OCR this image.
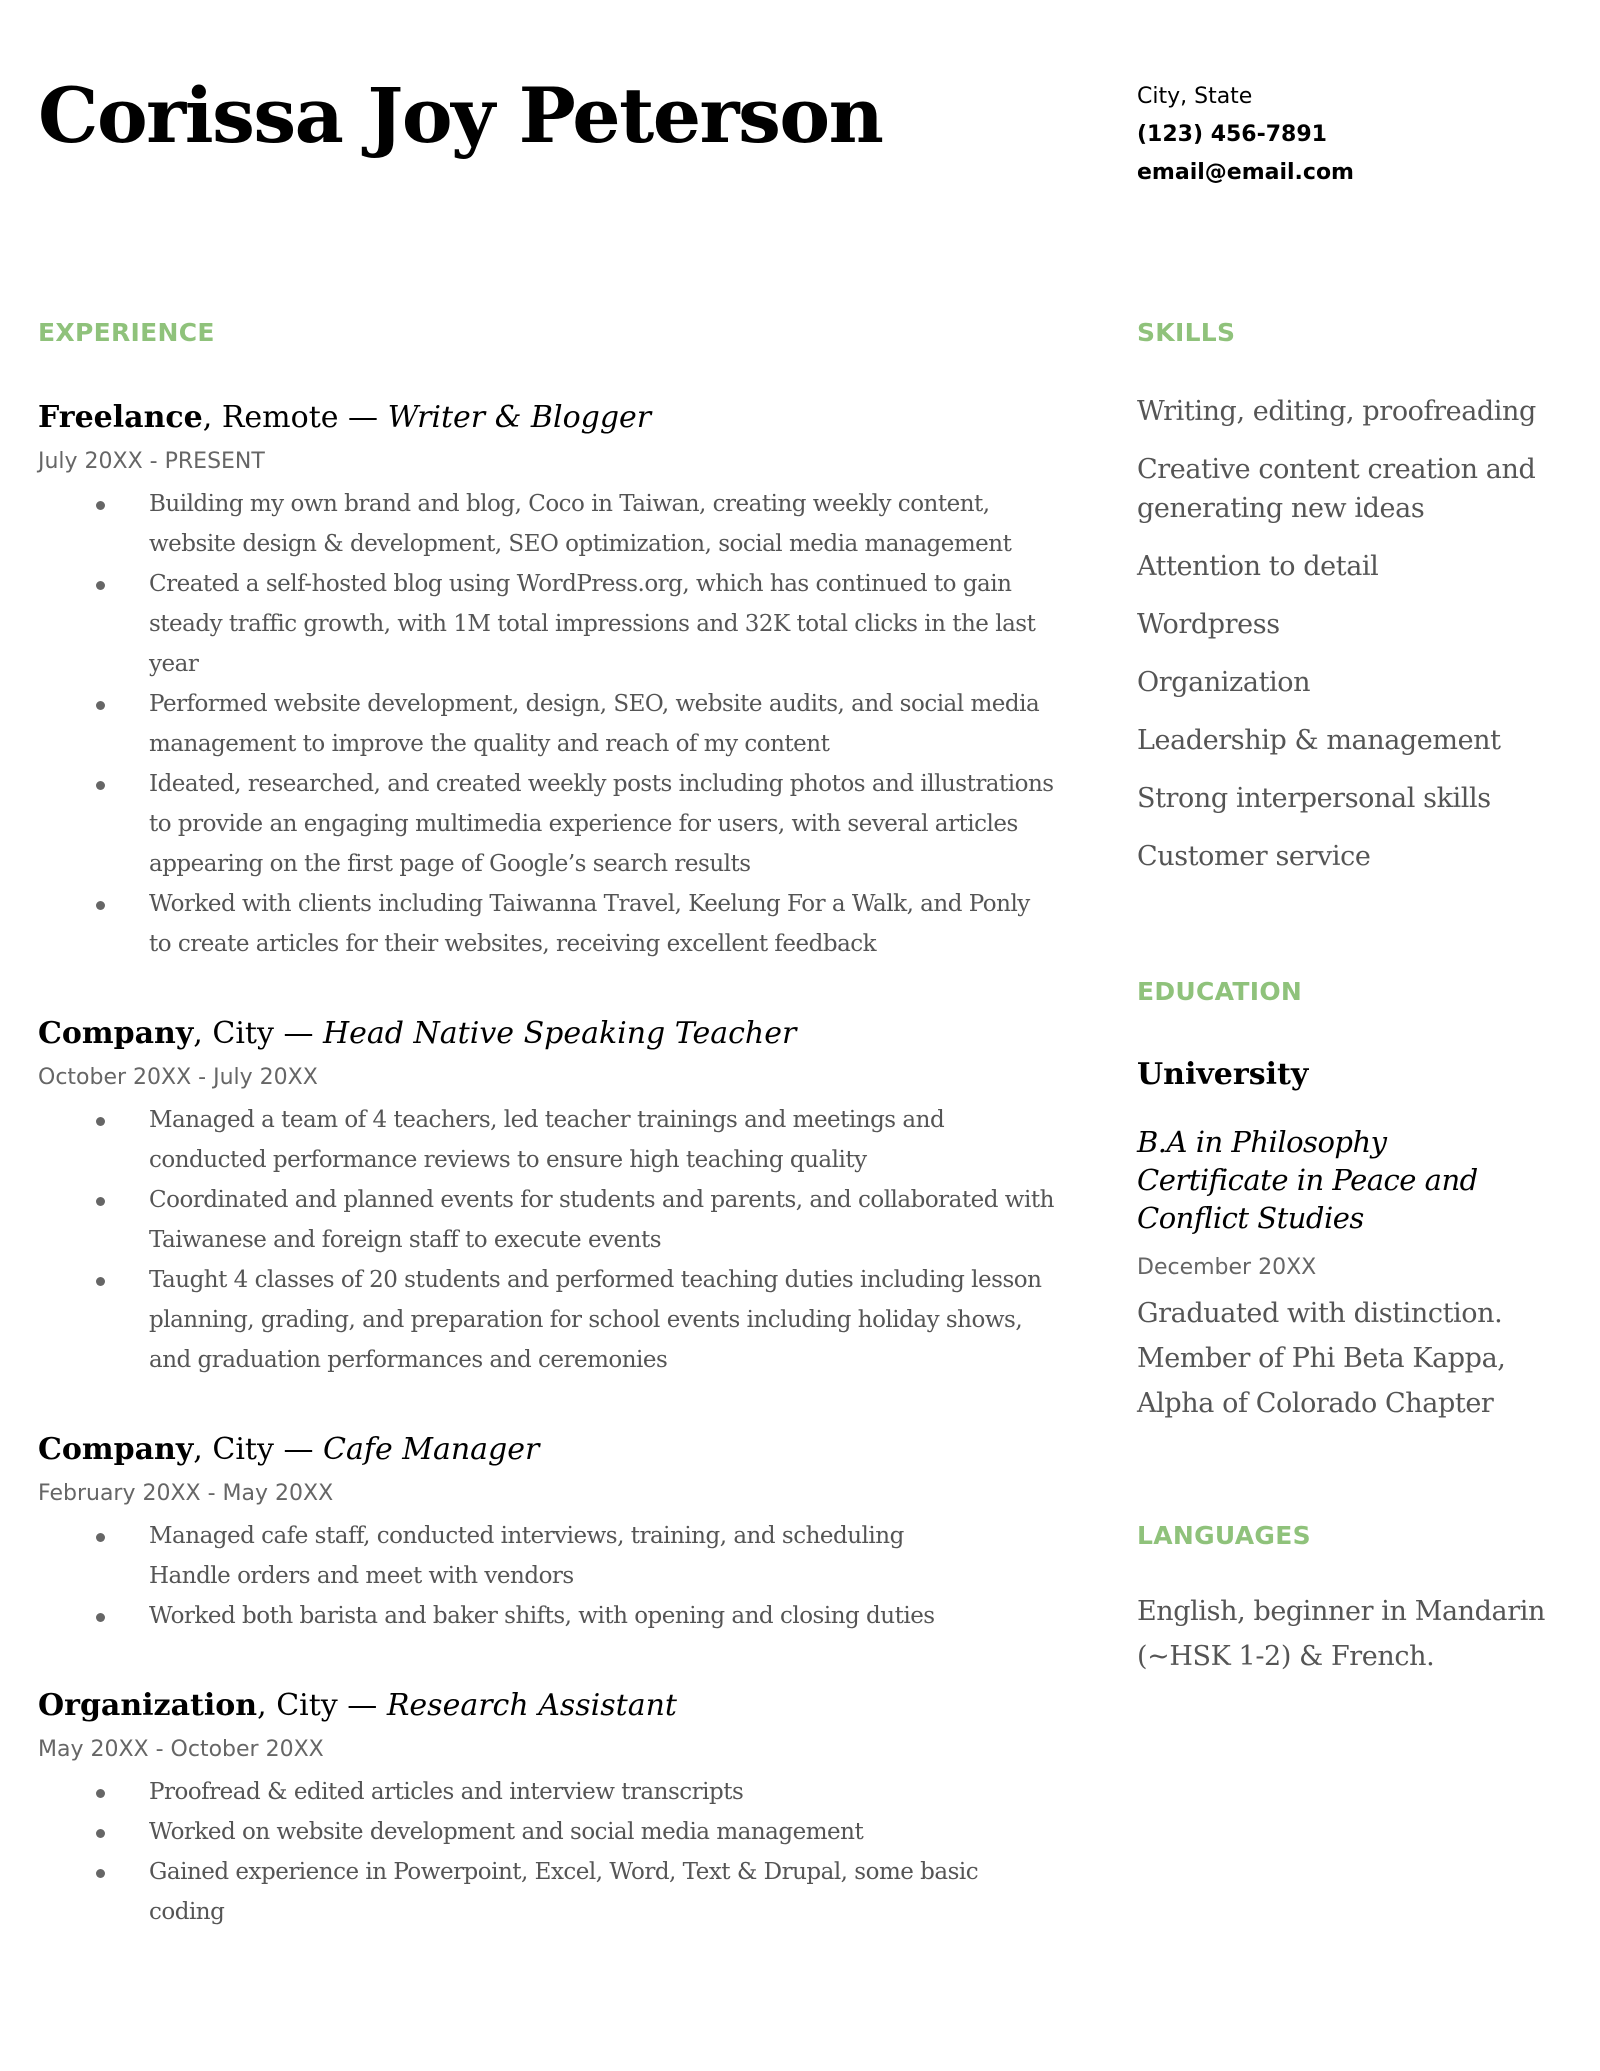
Corissa Joy Peterson	City, State
(123) 456-7891
email@email.com
EXPERIENCE
Freelance, Remote — Writer & Blogger
July 20XX - PRESENT
Building my own brand and blog, Coco in Taiwan, creating weekly content, website design & development, SEO optimization, social media management
Created a self-hosted blog using WordPress.org, which has continued to gain steady traffic growth, with 1M total impressions and 32K total clicks in the last year
Performed website development, design, SEO, website audits, and social media management to improve the quality and reach of my content
Ideated, researched, and created weekly posts including photos and illustrations to provide an engaging multimedia experience for users, with several articles appearing on the first page of Google’s search results
Worked with clients including Taiwanna Travel, Keelung For a Walk, and Ponly to create articles for their websites, receiving excellent feedback
Company, City — Head Native Speaking Teacher
October 20XX - July 20XX
Managed a team of 4 teachers, led teacher trainings and meetings and conducted performance reviews to ensure high teaching quality
Coordinated and planned events for students and parents, and collaborated with Taiwanese and foreign staff to execute events
Taught 4 classes of 20 students and performed teaching duties including lesson planning, grading, and preparation for school events including holiday shows, and graduation performances and ceremonies
Company, City — Cafe Manager
February 20XX - May 20XX
Managed cafe staff, conducted interviews, training, and scheduling
Handle orders and meet with vendors
Worked both barista and baker shifts, with opening and closing duties
Organization, City — Research Assistant
May 20XX - October 20XX
Proofread & edited articles and interview transcripts
Worked on website development and social media management
Gained experience in Powerpoint, Excel, Word, Text & Drupal, some basic coding
SKILLS
Writing, editing, proofreading
Creative content creation and generating new ideas
Attention to detail
Wordpress
Organization
Leadership & management
Strong interpersonal skills
Customer service
EDUCATION
University
B.A in Philosophy
Certificate in Peace and Conflict Studies
December 20XX
Graduated with distinction. Member of Phi Beta Kappa, Alpha of Colorado Chapter
LANGUAGES
English, beginner in Mandarin (~HSK 1-2) & French.
